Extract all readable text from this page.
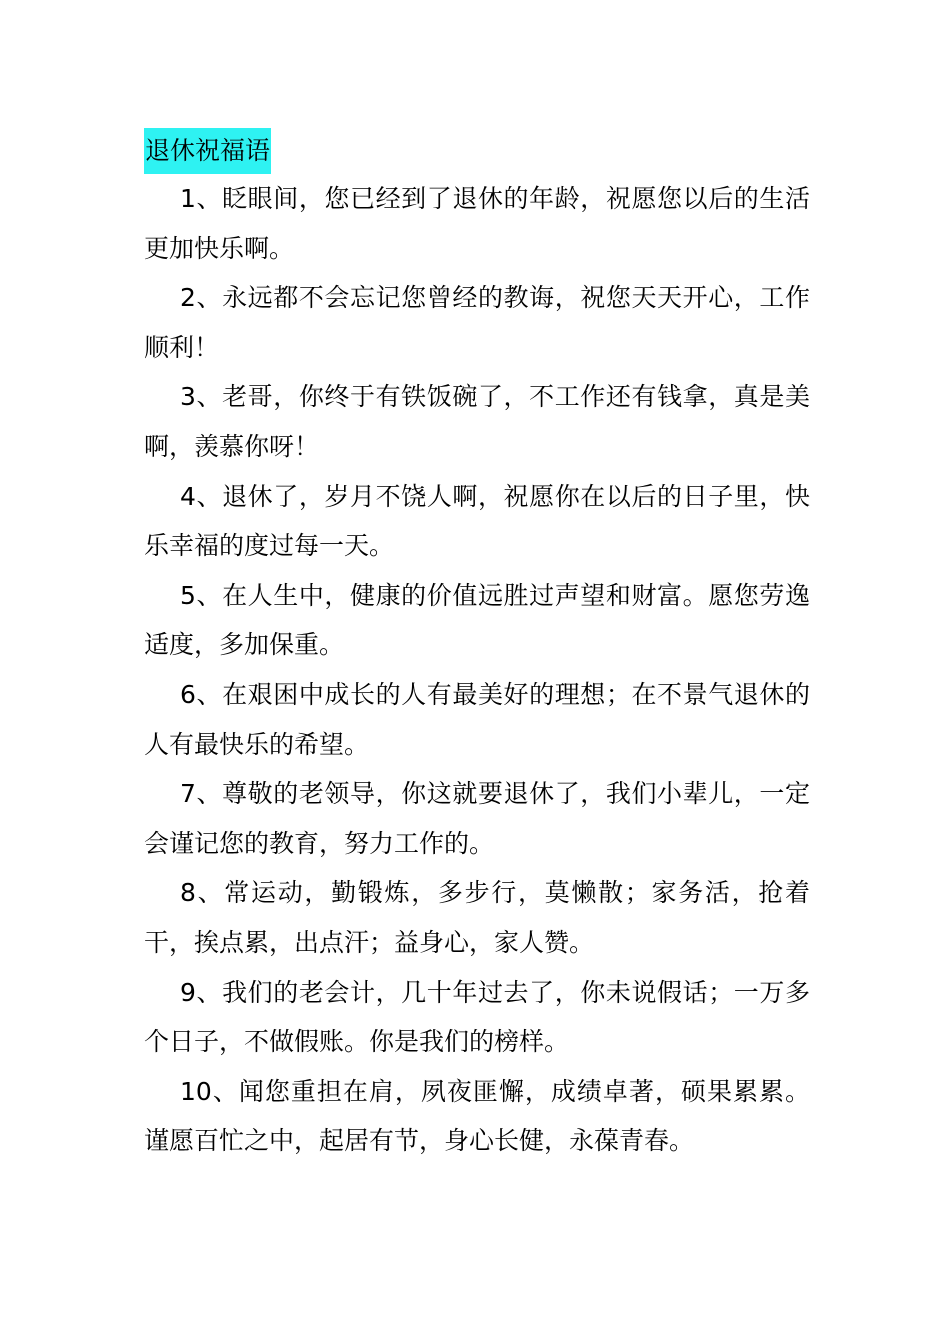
退休祝福语

1、眨眼间，您已经到了退休的年龄，祝愿您以后的生活更加快乐啊。

2、永远都不会忘记您曾经的教诲，祝您天天开心，工作顺利！

3、老哥，你终于有铁饭碗了，不工作还有钱拿，真是美啊，羡慕你呀！

4、退休了，岁月不饶人啊，祝愿你在以后的日子里，快乐幸福的度过每一天。

5、在人生中，健康的价值远胜过声望和财富。愿您劳逸适度，多加保重。

6、在艰困中成长的人有最美好的理想；在不景气退休的人有最快乐的希望。

7、尊敬的老领导，你这就要退休了，我们小辈儿，一定会谨记您的教育，努力工作的。

8、常运动，勤锻炼，多步行，莫懒散；家务活，抢着干，挨点累，出点汗；益身心，家人赞。

9、我们的老会计，几十年过去了，你未说假话；一万多个日子，不做假账。你是我们的榜样。

10、闻您重担在肩，夙夜匪懈，成绩卓著，硕果累累。谨愿百忙之中，起居有节，身心长健，永葆青春。
